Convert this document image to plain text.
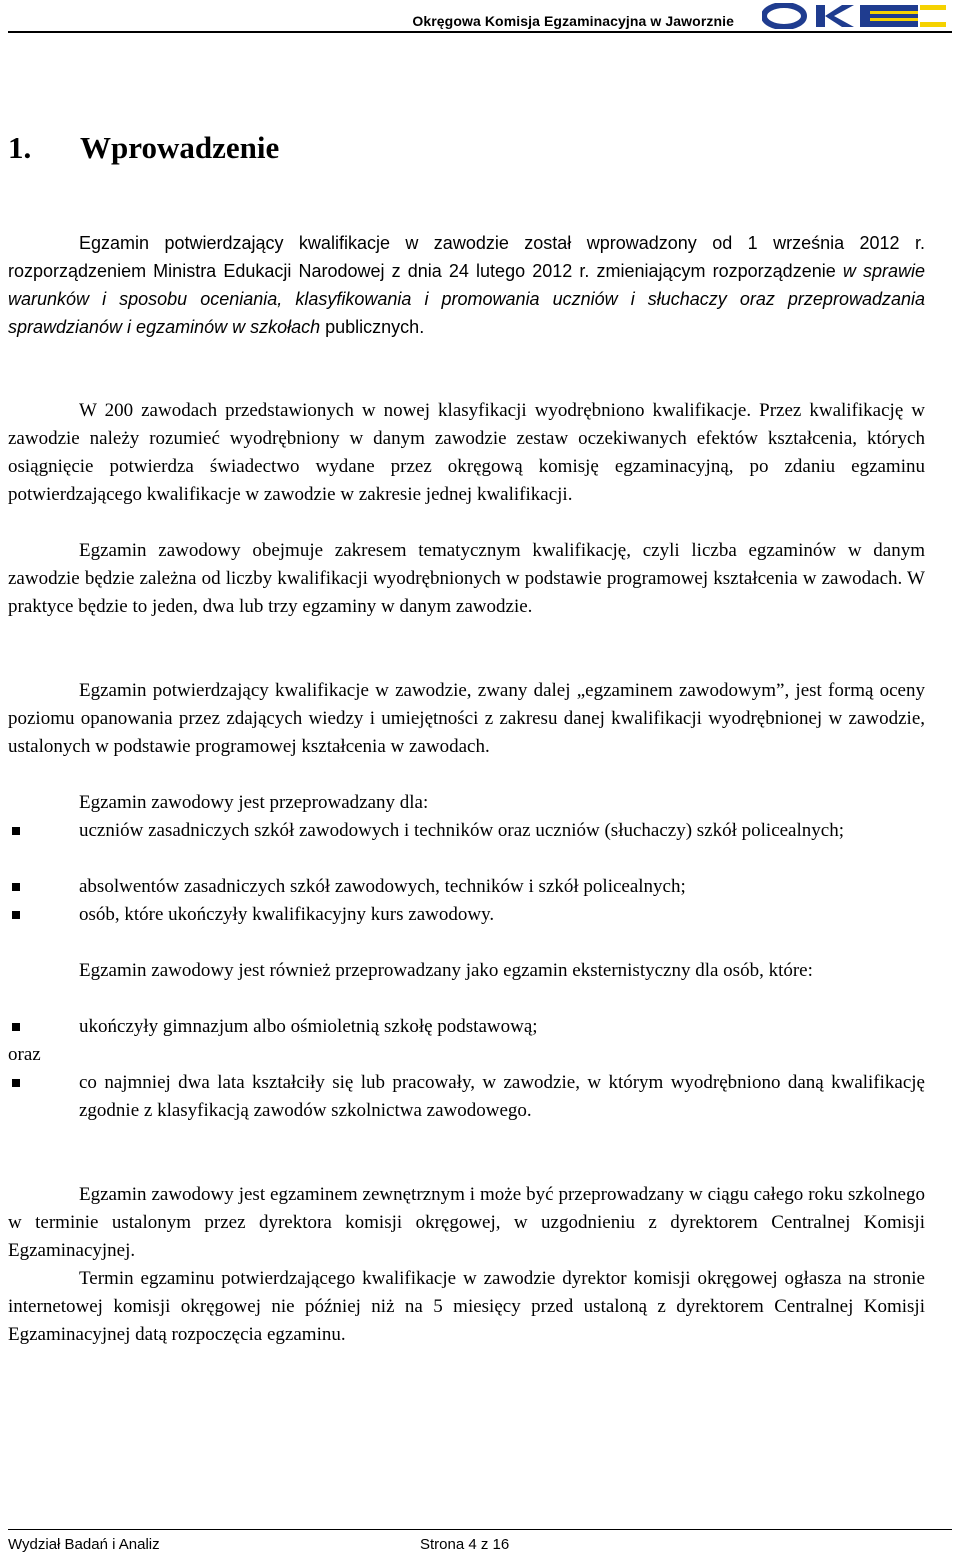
Okręgowa Komisja Egzaminacyjna w Jaworznie
1. Wprowadzenie

Egzamin potwierdzający kwalifikacje w zawodzie został wprowadzony od 1 września 2012 r. rozporządzeniem Ministra Edukacji Narodowej z dnia 24 lutego 2012 r. zmieniającym rozporządzenie w sprawie warunków i sposobu oceniania, klasyfikowania i promowania uczniów i słuchaczy oraz przeprowadzania sprawdzianów i egzaminów w szkołach publicznych.

W 200 zawodach przedstawionych w nowej klasyfikacji wyodrębniono kwalifikacje. Przez kwalifikację w zawodzie należy rozumieć wyodrębniony w danym zawodzie zestaw oczekiwanych efektów kształcenia, których osiągnięcie potwierdza świadectwo wydane przez okręgową komisję egzaminacyjną, po zdaniu egzaminu potwierdzającego kwalifikacje w zawodzie w zakresie jednej kwalifikacji.

Egzamin zawodowy obejmuje zakresem tematycznym kwalifikację, czyli liczba egzaminów w danym zawodzie będzie zależna od liczby kwalifikacji wyodrębnionych w podstawie programowej kształcenia w zawodach. W praktyce będzie to jeden, dwa lub trzy egzaminy w danym zawodzie.

Egzamin potwierdzający kwalifikacje w zawodzie, zwany dalej „egzaminem zawodowym”, jest formą oceny poziomu opanowania przez zdających wiedzy i umiejętności z zakresu danej kwalifikacji wyodrębnionej w zawodzie, ustalonych w podstawie programowej kształcenia w zawodach.

Egzamin zawodowy jest przeprowadzany dla:

uczniów zasadniczych szkół zawodowych i techników oraz uczniów (słuchaczy) szkół policealnych;
absolwentów zasadniczych szkół zawodowych, techników i szkół policealnych;
osób, które ukończyły kwalifikacyjny kurs zawodowy.

Egzamin zawodowy jest również przeprowadzany jako egzamin eksternistyczny dla osób, które:

ukończyły gimnazjum albo ośmioletnią szkołę podstawową;

oraz

co najmniej dwa lata kształciły się lub pracowały, w zawodzie, w którym wyodrębniono daną kwalifikację zgodnie z klasyfikacją zawodów szkolnictwa zawodowego.

Egzamin zawodowy jest egzaminem zewnętrznym i może być przeprowadzany w ciągu całego roku szkolnego w terminie ustalonym przez dyrektora komisji okręgowej, w uzgodnieniu z dyrektorem Centralnej Komisji Egzaminacyjnej.

Termin egzaminu potwierdzającego kwalifikacje w zawodzie dyrektor komisji okręgowej ogłasza na stronie internetowej komisji okręgowej nie później niż na 5 miesięcy przed ustaloną z dyrektorem Centralnej Komisji Egzaminacyjnej datą rozpoczęcia egzaminu.

Wydział Badań i Analiz	Strona 4 z 16
